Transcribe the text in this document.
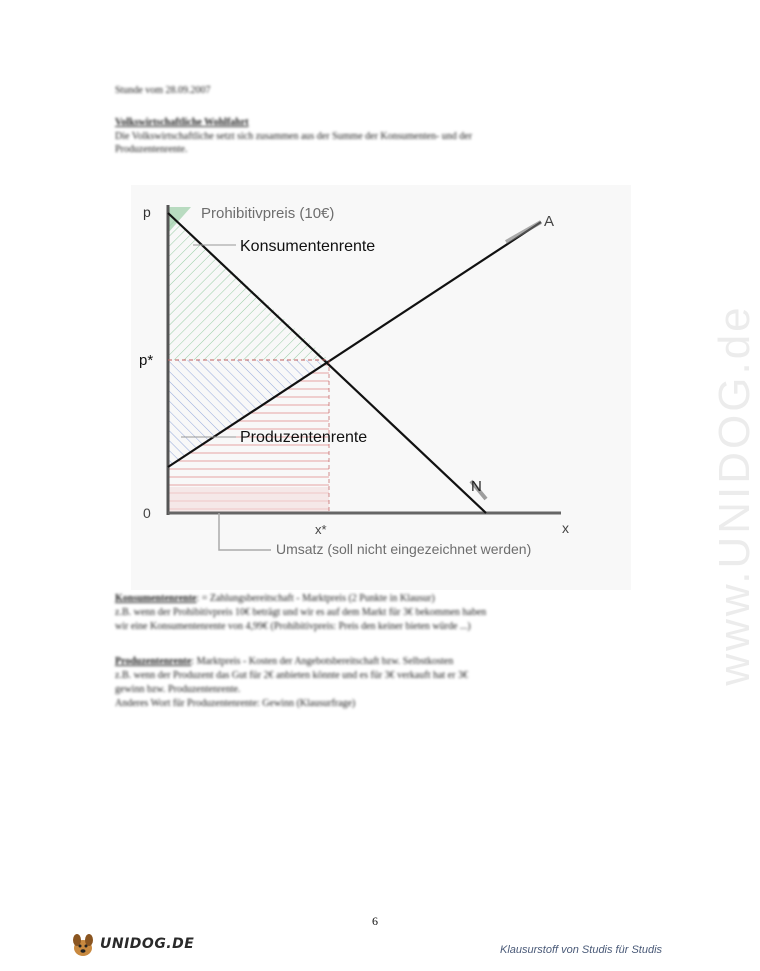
Stunde vom 28.09.2007
Volkswirtschaftliche Wohlfahrt
Die Volkswirtschaftliche setzt sich zusammen aus der Summe der Konsumenten- und der
Produzentenrente.
p
p*
0
x*	x
A
N
Prohibitivpreis (10€)
Konsumentenrente
Produzentenrente
Umsatz (soll nicht eingezeichnet werden)
Konsumentenrente: = Zahlungsbereitschaft - Marktpreis (2 Punkte in Klausur)
z.B. wenn der Prohibitivpreis 10€ beträgt und wir es auf dem Markt für 3€ bekommen haben
wir eine Konsumentenrente von 4,99€ (Prohibitivpreis: Preis den keiner bieten würde ...)
Produzentenrente: Marktpreis - Kosten der Angebotsbereitschaft bzw. Selbstkosten
z.B. wenn der Produzent das Gut für 2€ anbieten könnte und es für 3€ verkauft hat er 3€
gewinn bzw. Produzentenrente.
Anderes Wort für Produzentenrente: Gewinn (Klausurfrage)
www.UNIDOG.de
6
UNIDOG.DE	Klausurstoff von Studis für Studis
